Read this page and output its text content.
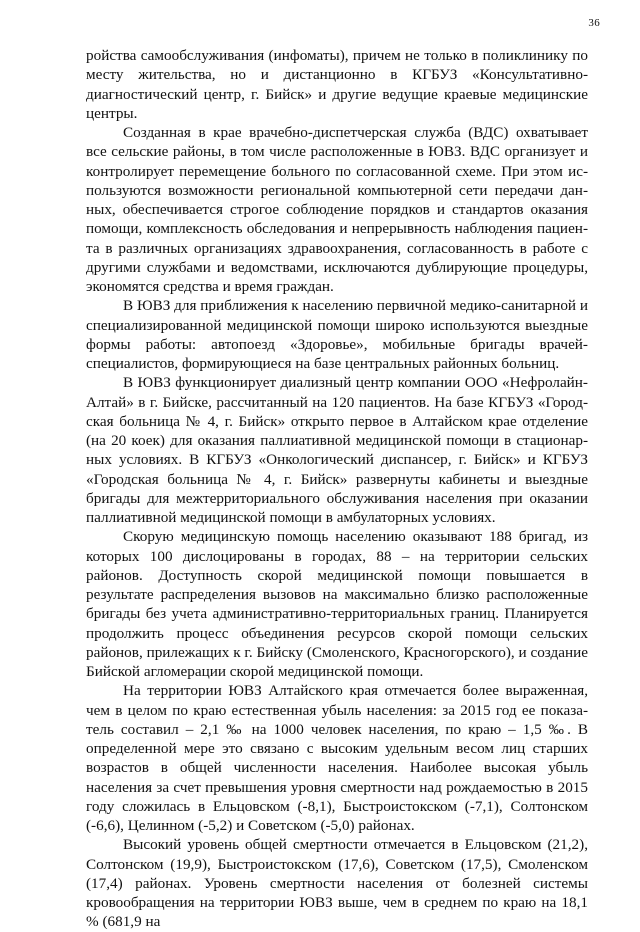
36

ройства самообслуживания (инфоматы), причем не только в поликлинику по месту жительства, но и дистанционно в КГБУЗ «Консультативно-диагностический центр, г. Бийск» и другие ведущие краевые медицинские центры.

Созданная в крае врачебно-диспетчерская служба (ВДС) охватывает все сельские районы, в том числе расположенные в ЮВЗ. ВДС организует и контролирует перемещение больного по согласованной схеме. При этом используются возможности региональной компьютерной сети передачи данных, обеспечивается строгое соблюдение порядков и стандартов оказания помощи, комплексность обследования и непрерывность наблюдения пациента в различных организациях здравоохранения, согласованность в работе с другими службами и ведомствами, исключаются дублирующие процедуры, экономятся средства и время граждан.

В ЮВЗ для приближения к населению первичной медико-санитарной и специализированной медицинской помощи широко используются выездные формы работы: автопоезд «Здоровье», мобильные бригады врачей-специалистов, формирующиеся на базе центральных районных больниц.

В ЮВЗ функционирует диализный центр компании ООО «Нефролайн-Алтай» в г. Бийске, рассчитанный на 120 пациентов. На базе КГБУЗ «Городская больница № 4, г. Бийск» открыто первое в Алтайском крае отделение (на 20 коек) для оказания паллиативной медицинской помощи в стационарных условиях. В КГБУЗ «Онкологический диспансер, г. Бийск» и КГБУЗ «Городская больница № 4, г. Бийск» развернуты кабинеты и выездные бригады для межтерриториального обслуживания населения при оказании паллиативной медицинской помощи в амбулаторных условиях.

Скорую медицинскую помощь населению оказывают 188 бригад, из которых 100 дислоцированы в городах, 88 – на территории сельских районов. Доступность скорой медицинской помощи повышается в результате распределения вызовов на максимально близко расположенные бригады без учета административно-территориальных границ. Планируется продолжить процесс объединения ресурсов скорой помощи сельских районов, прилежащих к г. Бийску (Смоленского, Красногорского), и создание Бийской агломерации скорой медицинской помощи.

На территории ЮВЗ Алтайского края отмечается более выраженная, чем в целом по краю естественная убыль населения: за 2015 год ее показатель составил – 2,1 ‰ на 1000 человек населения, по краю – 1,5 ‰. В определенной мере это связано с высоким удельным весом лиц старших возрастов в общей численности населения. Наиболее высокая убыль населения за счет превышения уровня смертности над рождаемостью в 2015 году сложилась в Ельцовском (-8,1), Быстроистокском (-7,1), Солтонском (-6,6), Целинном (-5,2) и Советском (-5,0) районах.

Высокий уровень общей смертности отмечается в Ельцовском (21,2), Солтонском (19,9), Быстроистокском (17,6), Советском (17,5), Смоленском (17,4) районах. Уровень смертности населения от болезней системы кровообращения на территории ЮВЗ выше, чем в среднем по краю на 18,1 % (681,9 на
